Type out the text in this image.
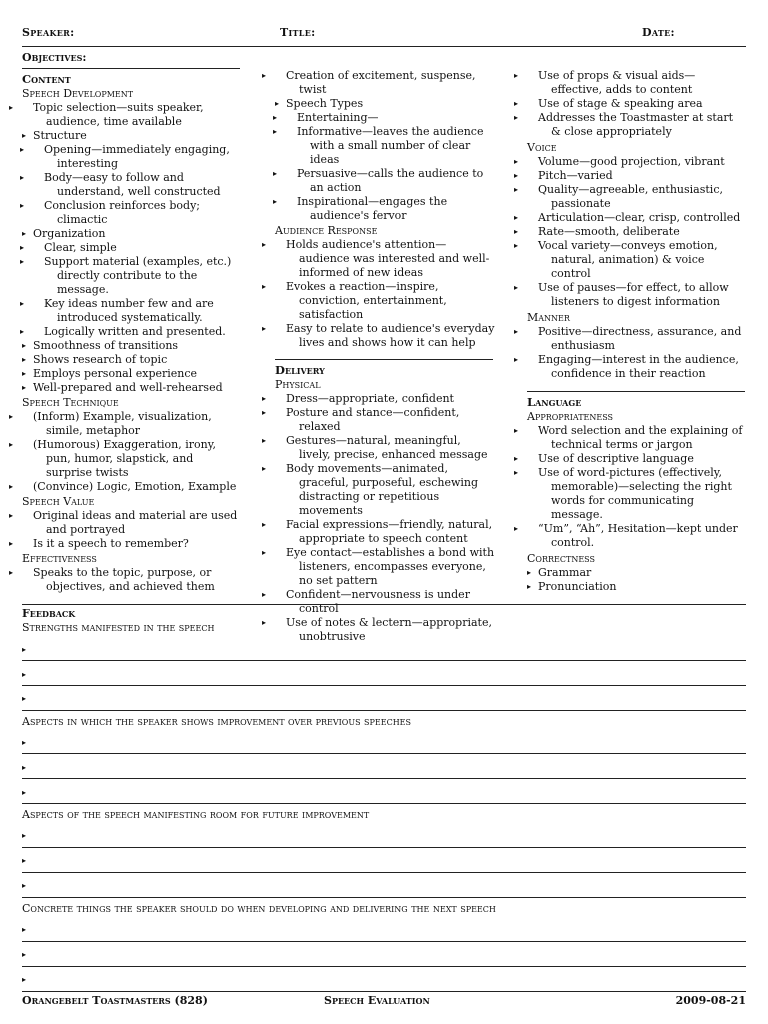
Speaker:	Title:	Date:
Objectives:
Content
Speech Development
▸ Topic selection—suits speaker, audience, time available
▸ Structure
▸ Opening—immediately engaging, interesting
▸ Body—easy to follow and understand, well constructed
▸ Conclusion reinforces body; climactic
▸ Organization
▸ Clear, simple
▸ Support material (examples, etc.) directly contribute to the message.
▸ Key ideas number few and are introduced systematically.
▸ Logically written and presented.
▸ Smoothness of transitions
▸ Shows research of topic
▸ Employs personal experience
▸ Well-prepared and well-rehearsed
Speech Technique
▸ (Inform) Example, visualization, simile, metaphor
▸ (Humorous) Exaggeration, irony, pun, humor, slapstick, and surprise twists
▸ (Convince) Logic, Emotion, Example
Speech Value
▸ Original ideas and material are used and portrayed
▸ Is it a speech to remember?
Effectiveness
▸ Speaks to the topic, purpose, or objectives, and achieved them
▸ Creation of excitement, suspense, twist
▸ Speech Types
▸ Entertaining—
▸ Informative—leaves the audience with a small number of clear ideas
▸ Persuasive—calls the audience to an action
▸ Inspirational—engages the audience's fervor
Audience Response
▸ Holds audience's attention—audience was interested and well-informed of new ideas
▸ Evokes a reaction—inspire, conviction, entertainment, satisfaction
▸ Easy to relate to audience's everyday lives and shows how it can help
Delivery
Physical
▸ Dress—appropriate, confident
▸ Posture and stance—confident, relaxed
▸ Gestures—natural, meaningful, lively, precise, enhanced message
▸ Body movements—animated, graceful, purposeful, eschewing distracting or repetitious movements
▸ Facial expressions—friendly, natural, appropriate to speech content
▸ Eye contact—establishes a bond with listeners, encompasses everyone, no set pattern
▸ Confident—nervousness is under control
▸ Use of notes & lectern—appropriate, unobtrusive
▸ Use of props & visual aids—effective, adds to content
▸ Use of stage & speaking area
▸ Addresses the Toastmaster at start & close appropriately
Voice
▸ Volume—good projection, vibrant
▸ Pitch—varied
▸ Quality—agreeable, enthusiastic, passionate
▸ Articulation—clear, crisp, controlled
▸ Rate—smooth, deliberate
▸ Vocal variety—conveys emotion, natural, animation) & voice control
▸ Use of pauses—for effect, to allow listeners to digest information
Manner
▸ Positive—directness, assurance, and enthusiasm
▸ Engaging—interest in the audience, confidence in their reaction
Language
Appropriateness
▸ Word selection and the explaining of technical terms or jargon
▸ Use of descriptive language
▸ Use of word-pictures (effectively, memorable)—selecting the right words for communicating message.
▸ “Um”, “Ah”, Hesitation—kept under control.
Correctness
▸ Grammar
▸ Pronunciation
Feedback
Strengths manifested in the speech
▸
▸
▸
Aspects in which the speaker shows improvement over previous speeches
▸
▸
▸
Aspects of the speech manifesting room for future improvement
▸
▸
▸
Concrete things the speaker should do when developing and delivering the next speech
▸
▸
▸
Orangebelt Toastmasters (828)	Speech Evaluation	2009-08-21
